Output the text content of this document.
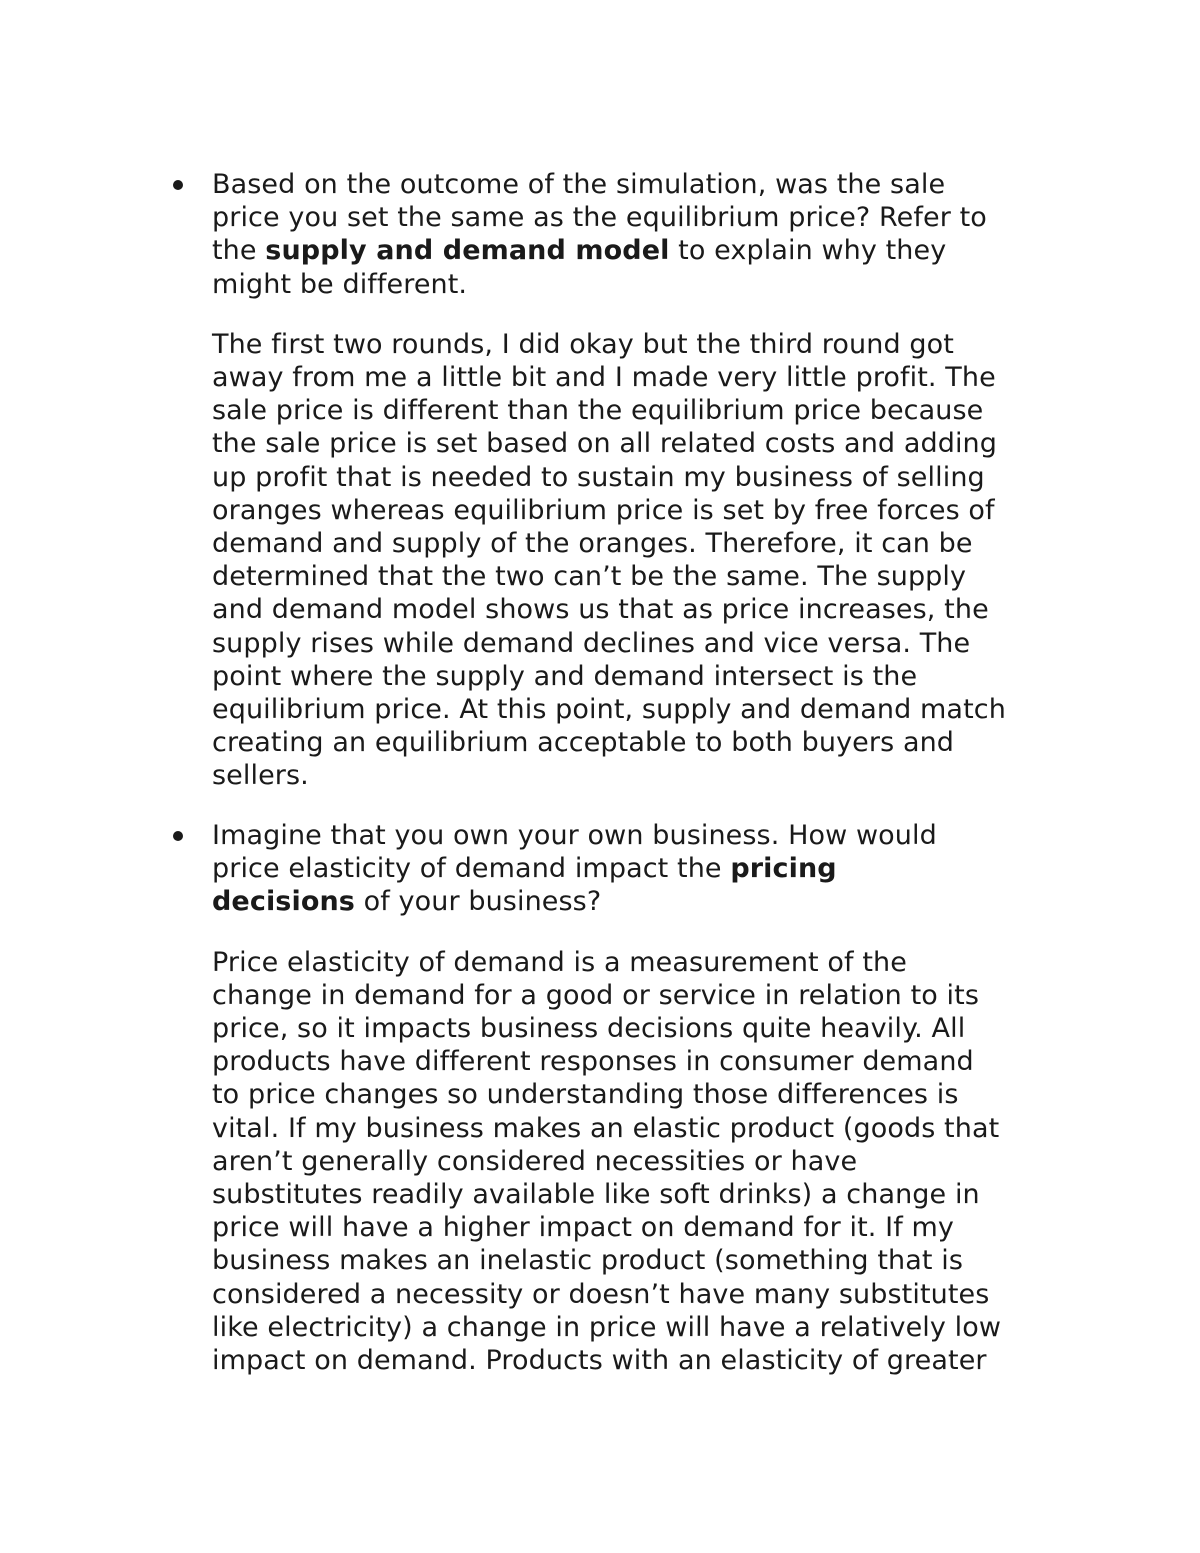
Based on the outcome of the simulation, was the sale
price you set the same as the equilibrium price? Refer to
the supply and demand model to explain why they
might be different.

The first two rounds, I did okay but the third round got
away from me a little bit and I made very little profit. The
sale price is different than the equilibrium price because
the sale price is set based on all related costs and adding
up profit that is needed to sustain my business of selling
oranges whereas equilibrium price is set by free forces of
demand and supply of the oranges. Therefore, it can be
determined that the two can’t be the same. The supply
and demand model shows us that as price increases, the
supply rises while demand declines and vice versa. The
point where the supply and demand intersect is the
equilibrium price. At this point, supply and demand match
creating an equilibrium acceptable to both buyers and
sellers.

Imagine that you own your own business. How would
price elasticity of demand impact the pricing
decisions of your business?

Price elasticity of demand is a measurement of the
change in demand for a good or service in relation to its
price, so it impacts business decisions quite heavily. All
products have different responses in consumer demand
to price changes so understanding those differences is
vital. If my business makes an elastic product (goods that
aren’t generally considered necessities or have
substitutes readily available like soft drinks) a change in
price will have a higher impact on demand for it. If my
business makes an inelastic product (something that is
considered a necessity or doesn’t have many substitutes
like electricity) a change in price will have a relatively low
impact on demand. Products with an elasticity of greater
